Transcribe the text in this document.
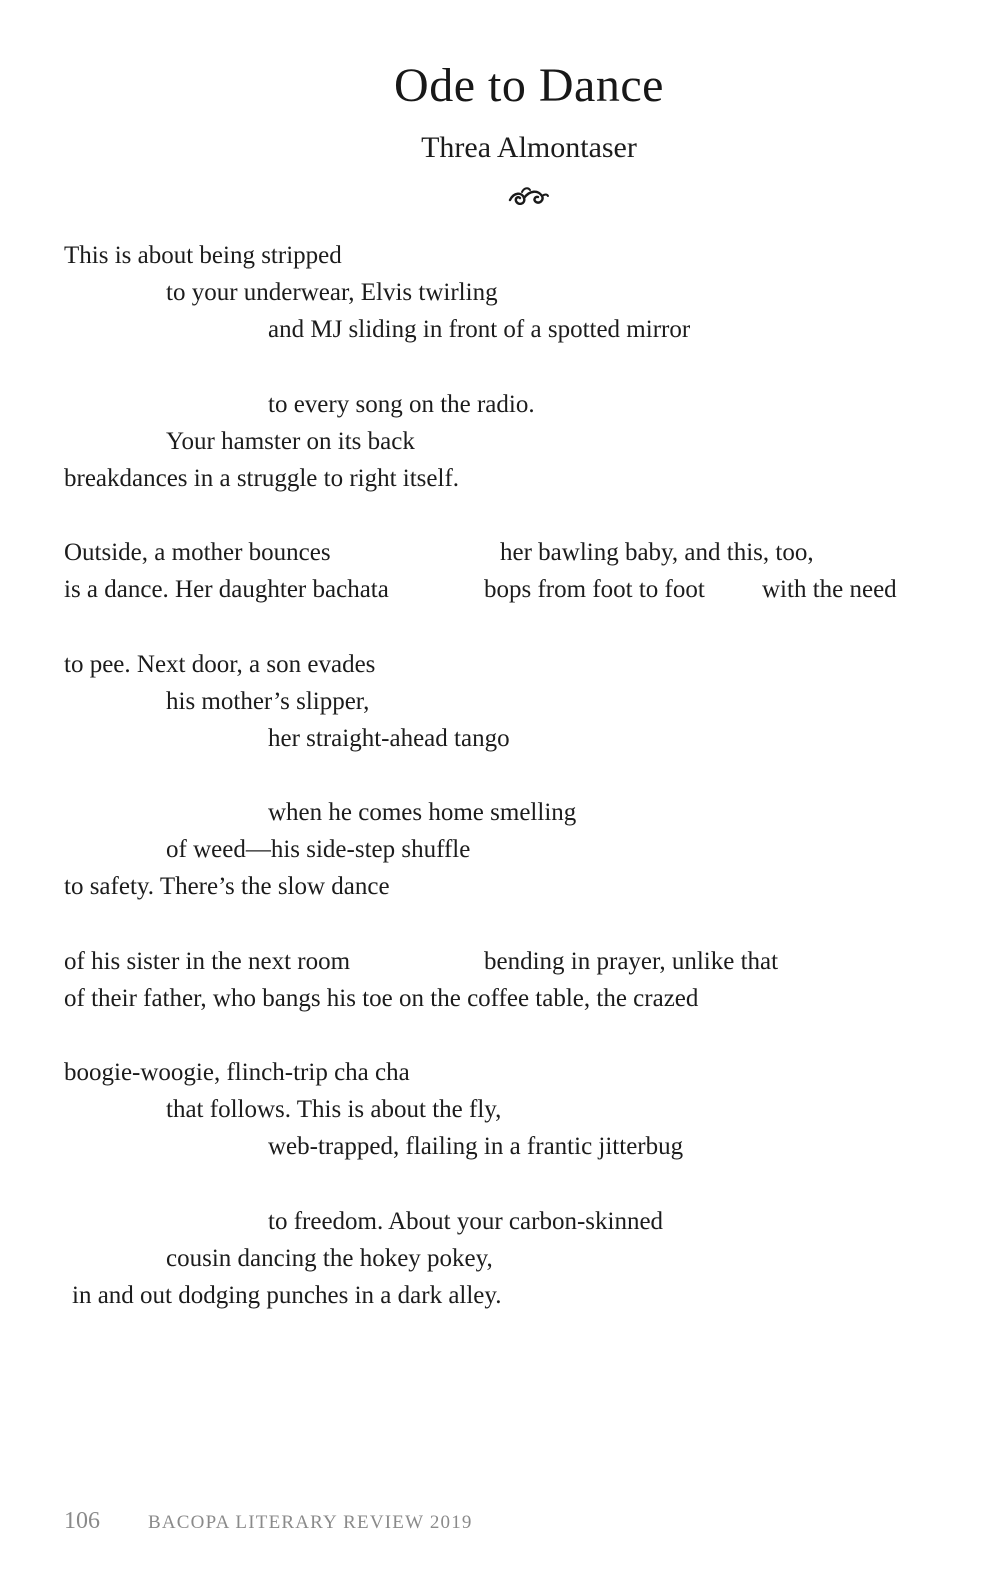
Ode to Dance
Threa Almontaser
This is about being stripped
to your underwear, Elvis twirling
and MJ sliding in front of a spotted mirror
to every song on the radio.
Your hamster on its back
breakdances in a struggle to right itself.
Outside, a mother bounces	her bawling baby, and this, too,
is a dance. Her daughter bachata	bops from foot to foot with the need
to pee. Next door, a son evades
his mother’s slipper,
her straight-ahead tango
when he comes home smelling
of weed—his side-step shuffle
to safety. There’s the slow dance
of his sister in the next room	bending in prayer, unlike that
of their father, who bangs his toe on the coffee table, the crazed
boogie-woogie, flinch-trip cha cha
that follows. This is about the fly,
web-trapped, flailing in a frantic jitterbug
to freedom. About your carbon-skinned
cousin dancing the hokey pokey,
in and out dodging punches in a dark alley.
106	BACOPA LITERARY REVIEW 2019
